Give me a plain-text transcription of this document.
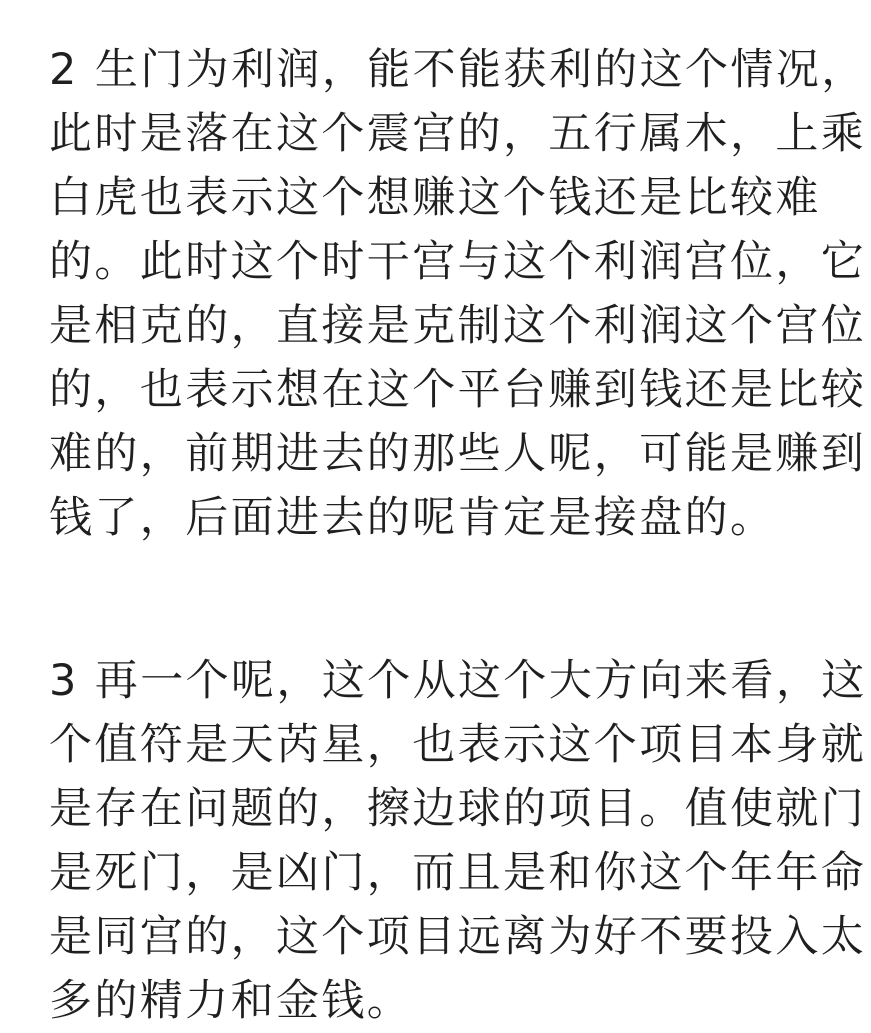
2 生门为利润，能不能获利的这个情况，
此时是落在这个震宫的，五行属木，上乘
白虎也表示这个想赚这个钱还是比较难
的。此时这个时干宫与这个利润宫位，它
是相克的，直接是克制这个利润这个宫位
的，也表示想在这个平台赚到钱还是比较
难的，前期进去的那些人呢，可能是赚到
钱了，后面进去的呢肯定是接盘的。
3 再一个呢，这个从这个大方向来看，这
个值符是天芮星，也表示这个项目本身就
是存在问题的，擦边球的项目。值使就门
是死门，是凶门，而且是和你这个年年命
是同宫的，这个项目远离为好不要投入太
多的精力和金钱。
